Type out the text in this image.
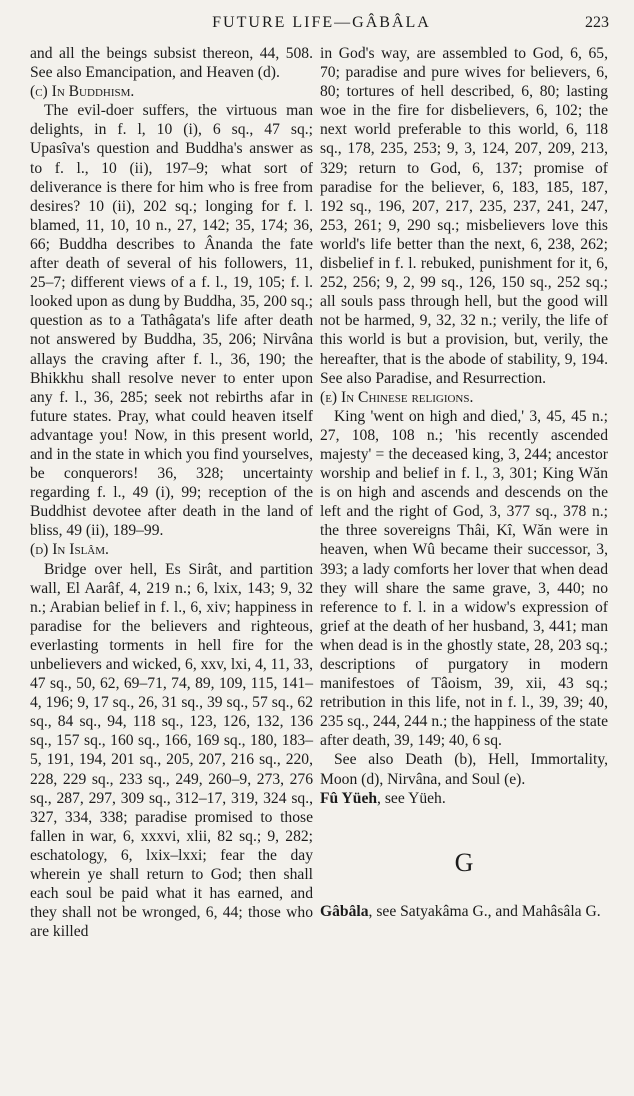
FUTURE LIFE—GÂBÂLA	223

and all the beings subsist thereon, 44, 508. See also Emancipation, and Heaven (d).

(c) In Buddhism.

The evil-doer suffers, the virtuous man delights, in f. l, 10 (i), 6 sq., 47 sq.; Upasîva's question and Buddha's answer as to f. l., 10 (ii), 197–9; what sort of deliverance is there for him who is free from desires? 10 (ii), 202 sq.; longing for f. l. blamed, 11, 10, 10 n., 27, 142; 35, 174; 36, 66; Buddha describes to Ânanda the fate after death of several of his followers, 11, 25–7; different views of a f. l., 19, 105; f. l. looked upon as dung by Buddha, 35, 200 sq.; question as to a Tathâgata's life after death not answered by Buddha, 35, 206; Nirvâna allays the craving after f. l., 36, 190; the Bhikkhu shall resolve never to enter upon any f. l., 36, 285; seek not rebirths afar in future states. Pray, what could heaven itself advantage you! Now, in this present world, and in the state in which you find yourselves, be conquerors! 36, 328; uncertainty regarding f. l., 49 (i), 99; reception of the Buddhist devotee after death in the land of bliss, 49 (ii), 189–99.

(d) In Islâm.

Bridge over hell, Es Sirât, and partition wall, El Aarâf, 4, 219 n.; 6, lxix, 143; 9, 32 n.; Arabian belief in f. l., 6, xiv; happiness in paradise for the believers and righteous, everlasting torments in hell fire for the unbelievers and wicked, 6, xxv, lxi, 4, 11, 33, 47 sq., 50, 62, 69–71, 74, 89, 109, 115, 141–4, 196; 9, 17 sq., 26, 31 sq., 39 sq., 57 sq., 62 sq., 84 sq., 94, 118 sq., 123, 126, 132, 136 sq., 157 sq., 160 sq., 166, 169 sq., 180, 183–5, 191, 194, 201 sq., 205, 207, 216 sq., 220, 228, 229 sq., 233 sq., 249, 260–9, 273, 276 sq., 287, 297, 309 sq., 312–17, 319, 324 sq., 327, 334, 338; paradise promised to those fallen in war, 6, xxxvi, xlii, 82 sq.; 9, 282; eschatology, 6, lxix–lxxi; fear the day wherein ye shall return to God; then shall each soul be paid what it has earned, and they shall not be wronged, 6, 44; those who are killed

in God's way, are assembled to God, 6, 65, 70; paradise and pure wives for believers, 6, 80; tortures of hell described, 6, 80; lasting woe in the fire for disbelievers, 6, 102; the next world preferable to this world, 6, 118 sq., 178, 235, 253; 9, 3, 124, 207, 209, 213, 329; return to God, 6, 137; promise of paradise for the believer, 6, 183, 185, 187, 192 sq., 196, 207, 217, 235, 237, 241, 247, 253, 261; 9, 290 sq.; misbelievers love this world's life better than the next, 6, 238, 262; disbelief in f. l. rebuked, punishment for it, 6, 252, 256; 9, 2, 99 sq., 126, 150 sq., 252 sq.; all souls pass through hell, but the good will not be harmed, 9, 32, 32 n.; verily, the life of this world is but a provision, but, verily, the hereafter, that is the abode of stability, 9, 194. See also Paradise, and Resurrection.

(e) In Chinese religions.

King 'went on high and died,' 3, 45, 45 n.; 27, 108, 108 n.; 'his recently ascended majesty' = the deceased king, 3, 244; ancestor worship and belief in f. l., 3, 301; King Wăn is on high and ascends and descends on the left and the right of God, 3, 377 sq., 378 n.; the three sovereigns Thâi, Kî, Wăn were in heaven, when Wû became their successor, 3, 393; a lady comforts her lover that when dead they will share the same grave, 3, 440; no reference to f. l. in a widow's expression of grief at the death of her husband, 3, 441; man when dead is in the ghostly state, 28, 203 sq.; descriptions of purgatory in modern manifestoes of Tâoism, 39, xii, 43 sq.; retribution in this life, not in f. l., 39, 39; 40, 235 sq., 244, 244 n.; the happiness of the state after death, 39, 149; 40, 6 sq.

See also Death (b), Hell, Immortality, Moon (d), Nirvâna, and Soul (e).

Fû Yüeh, see Yüeh.

G

Gâbâla, see Satyakâma G., and Mahâsâla G.
